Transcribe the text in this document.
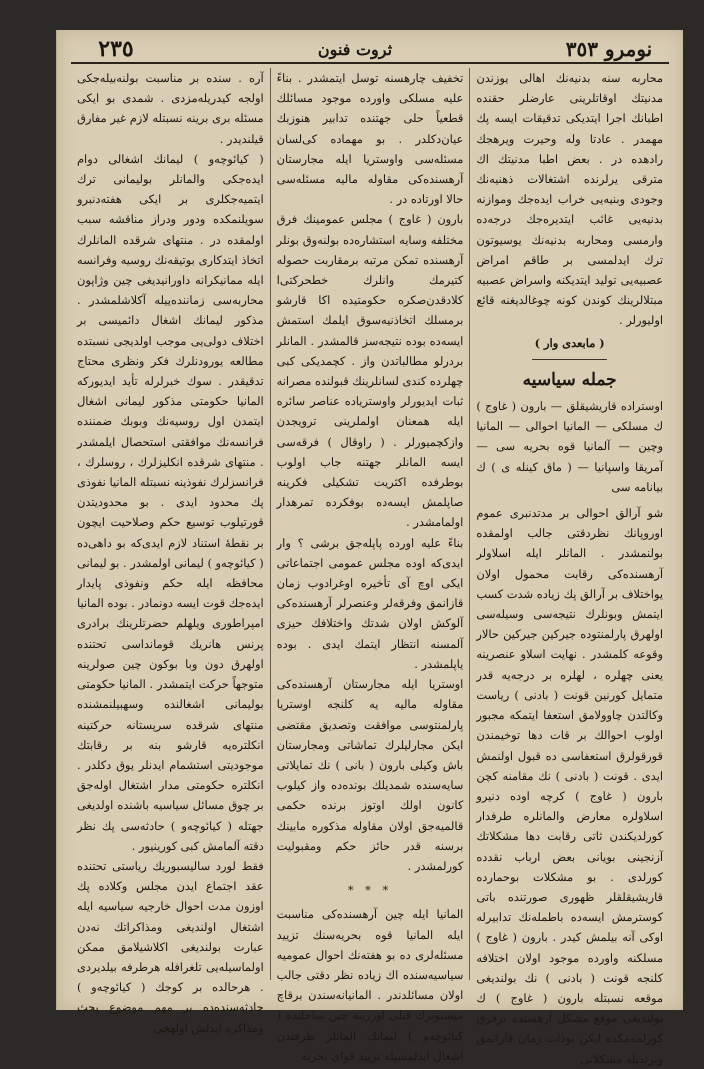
٢٣٥	ثروت فنون	نومرو ٣٥٣

محاربه سنه بدنیه‌نك اهالی یوزندن مدنیتك اوقاتلرینی عارضلر حقنده اطبانك اجرا ایتدیکی تدقیقات ایسه پك مهمدر . عادتا وله وحیرت ویرهجك رادهده در . بعض اطبا مدنیتك اك مترقی یرلرنده اشتغالات ذهنیه‌نك وجودی وبنیه‌یی خراب ایده‌جك وموازنه بدنیه‌یی غائب ایتدیره‌جك درجه‌ده وارمسی ومحاربه بدنیه‌نك یوسیوتون ترك ایدلمسی بر طاقم امراض عصبیه‌یی تولید ایتدیکنه واسراض عصبیه مبتلالرینك کوندن کونه چوغالدیغنه قائع اولیورلر .

( مابعدی وار )
جمله سیاسیه

اوستراده قاریشیقلق — بارون ( غاوج ) ك مسلکی — المانیا احوالی — المانیا وچین — آلمانیا قوه بحریه سی — آمریقا واسپانیا — ( ماق کینله ی ) ك بیانامه سی

شو آرالق احوالی بر مدتدنبری عموم اوروپانك نظردقتی جالب اولمقده بولنمشدر . المانلر ایله اسلاولر آرهسنده‌کی رقابت محمول اولان یواختلاف بر آرالق پك زیاده شدت کسب ایتمش وبونلرك نتیجه‌سی وسیله‌سی اولهرق پارلمنتوده جیرکین جیرکین حالار وقوعه کلمشدر . نهایت اسلاو عنصرینه یعنی چهلره ، لهلره بر درجه‌یه قدر متمایل کورنین قونت ( بادنی ) ریاست وکالتدن چاوولامق استعفا ایتمکه مجبور اولوب احوالك بر قات دها توخیمندن قورقولرق استعفاسی ده قبول اولنمش ایدی . قونت ( بادنی ) نك مقامنه کچن بارون ( غاوج ) کرچه اوده دنیرو اسلاولره معارض والمانلره طرفدار کورلدیکندن ثاتی رقابت دها مشکلاتك آزنجینی بویانی بعض ارباب نقدده کورلدی . بو مشکلات بوحمارده قاریشیقلقلر ظهوری صورتنده باتی کوسترمش ایسه‌ده باطمله‌نك تدابیرله اوکی آنه بیلمش کیدر . بارون ( غاوج ) مسلکنه واورده موجود اولان اختلافه کلنجه قونت ( بادنی ) نك بولندیغی موقعه نسبتله بارون ( غاوج ) ك بولندیغی موقع مشکل آرهسنده برفرق کورلمه‌مکده ایکن بوذات زمان قازانمق وبرتدیله مشکلاتی

تخفیف چارهسنه توسل ایتمشدر . بناءً علیه مسلکی واورده موجود مسائلك قطعیاً حلی جهتنده تدابیر هنوزبك عیان‌دکلدر . بو مهماده کی‌لسان مسئله‌سی واوستریا ایله مجارستان آرهسنده‌کی مقاوله مالیه مسئله‌سی حالا اورتاده در .

بارون ( غاوج ) مجلس عمومینك فرق مختلفه وسایه استشاره‌ده بولنه‌وق بونلر آرهسنده تمکن مرتبه برمقاربت حصوله کتیرمك وانلرك خطحرکتی‌ا کلادقدن‌صکره حکومتیده اکا قارشو برمسلك اتخاذنیه‌سوق ایلمك استمش ایسه‌ده بوده نتیجه‌سز قالمشدر . المانلر بردرلو مطالباتدن واز . کچمدیکی کبی چهلرده کندی لسانلرینك قبولنده مصرانه ثبات ایدیورلر واوستریاده عناصر سائره ایله همعنان اولملرینی ترویجدن وازکچمیورلر . ( راوقال ) فرقه‌سی ایسه المانلر جهتنه جاب اولوب بوطرفده اکثریت تشکیلی فکرینه صاپلمش ایسه‌ده بوفکرده تمرهدار اولمامشدر .

بناءً علیه اورده پاپله‌جق برشی ؟ وار ایدی‌که اوده مجلس عمومی اجتماعاتی ایکی اوچ آی تأخیره اوغرادوب زمان قازانمق وفرقه‌لر وعنصرلر آرهسنده‌کی آلوکش اولان شدتك واختلافك حیزی آلمسنه انتظار ایتمك ایدی . بوده یاپلمشدر .

اوستریا ایله مجارستان آرهسنده‌کی مقاوله مالیه یه کلنجه اوستریا پارلمنتوسی موافقت وتصدیق مقتضی ایکن مجارلیلرك تماشاتی ومجارستان باش وکیلی بارون ( بانی ) نك تمایلاتی سایه‌سنده شمدیلك بونده‌ده واز کیلوب کانون اولك اوتوز برنده حکمی قالمیه‌جق اولان مقاوله مذکوره مابینك برسنه قدر حائز حکم ومقبولیت کورلمشدر .

* * *

المانیا ایله چین آرهسنده‌کی مناسبت ایله المانیا قوه بحریه‌سنك تزیید مسئله‌لری ده بو هفته‌نك احوال عمومیه سیاسیه‌سنده اك زیاده نظر دقتی جالب اولان مسائلدندر . المانیانه‌سندن برقاچ میسیونرك قتلی اوزرینه چین ساحلنده ( کیائوچه‌و ) لیمانك المانلر طرفندن اشغال ایدلمسیله تزیید قوای بحریه

آره . سنده بر مناسبت بولنه‌بیله‌جکی اولجه کیدریله‌مزدی . شمدی بو ایکی مسئله بری برینه نسبتله لازم غیر مفارق قیلندیدر .

( کیائوچه‌و ) لیمانك اشغالی دوام ایده‌جکی والمانلر بولیمانی ترك ایتمیه‌جکلری بر ایکی هفته‌دنبرو سویلنمکده ودور ودراز مناقشه سبب اولمقده در . منتهای شرقده المانلرك اتخاذ ایتدکاری بوتیقه‌نك روسیه وفرانسه ایله ممانیکرانه داورانیدیغی چین وژاپون محاربه‌سی زماننده‌ییله آکلاشلمشدر . مذکور لیمانك اشغال دائمیسی بر اختلاف دولی‌یی موجب اولدیجی نسبتده مطالعه یورودنلرك فکر ونظری محتاج تدقیقدر . سوك خبرلرله تأید ایدیورکه المانیا حکومتی مذکور لیمانی اشغال ایتمدن اول روسیه‌نك وبوبك ضمننده فرانسه‌نك موافقتی استحصال ایلمشدر . منتهای شرقده انکلیزلرك ، روسلرك ، فرانسزلرك نفوذینه نسبتله المانیا نفوذی پك محدود ایدی . بو محدودیتدن قورتیلوب توسیع حکم وصلاحیت ایچون بر نقطهٔ استناد لازم ایدی‌که بو داهی‌ده ( کیائوچه‌و ) لیمانی اولمشدر . بو لیمانی محافظه ایله حکم ونفوذی پایدار ایده‌جك قوت ایسه دونمادر . بوده المانیا امپراطوری ویلهلم حضرتلرینك برادری پرنس هانریك قومانداسی تحتنده اولهرق دون وبا بوکون چین صولرینه متوجهاً حرکت ایتمشدر . المانیا حکومتی بولیمانی اشغالنده وسهبیلنمشنده منتهای شرقده سرپستانه حرکتینه انکلتره‌یه قارشو بنه بر رقابتك موجودیتی استشمام ایدنلر یوق دکلدر . انکلتره حکومتی مدار اشتغال اوله‌جق بر چوق مسائل سیاسیه باشنده اولدیغی جهتله ( کیائوچه‌و ) حادثه‌سی پك نظر دقته آلمامش کبی کورینیور .

فقط لورد سالیسبوریك ریاستی تحتنده عقد اجتماع ایدن مجلس وکلاده پك اوزون مدت احوال خارجیه سیاسیه ایله اشتغال اولندیغی ومذاکراتك نه‌دن عبارت بولندیغی اکلاشیلامق ممکن اولماسیله‌یی تلغرافله هرطرفه بیلدیردی . هرحالده بر کوجك ( کیائوچه‌و ) حادثه‌سنده‌ده بر مهم موضوع بحث ومذاکره ایدلش اولهجی
